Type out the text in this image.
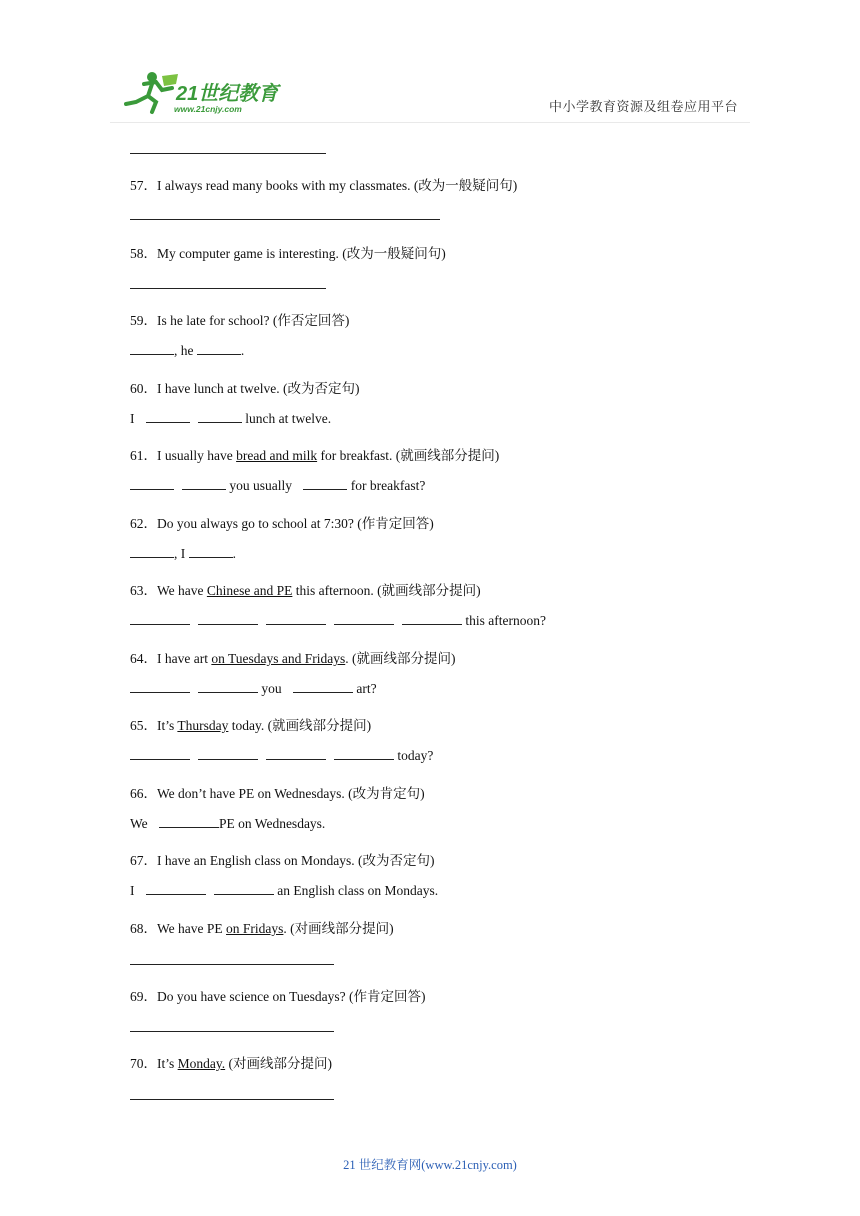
21世纪教育
www.21cnjy.com	中小学教育资源及组卷应用平台
57．I always read many books with my classmates. (改为一般疑问句)
58．My computer game is interesting. (改为一般疑问句)
59．Is he late for school? (作否定回答)
, he	.
60．I have lunch at twelve. (改为否定句)
I	lunch at twelve.
61．I usually have bread and milk for breakfast. (就画线部分提问)
you usually	for breakfast?
62．Do you always go to school at 7:30? (作肯定回答)
, I	.
63．We have Chinese and PE this afternoon. (就画线部分提问)
this afternoon?
64．I have art on Tuesdays and Fridays. (就画线部分提问)
you	art?
65．It’s Thursday today. (就画线部分提问)
today?
66．We don’t have PE on Wednesdays. (改为肯定句)
We	PE on Wednesdays.
67．I have an English class on Mondays. (改为否定句)
I	an English class on Mondays.
68．We have PE on Fridays. (对画线部分提问)
69．Do you have science on Tuesdays? (作肯定回答)
70．It’s Monday. (对画线部分提问)
21 世纪教育网(www.21cnjy.com)
